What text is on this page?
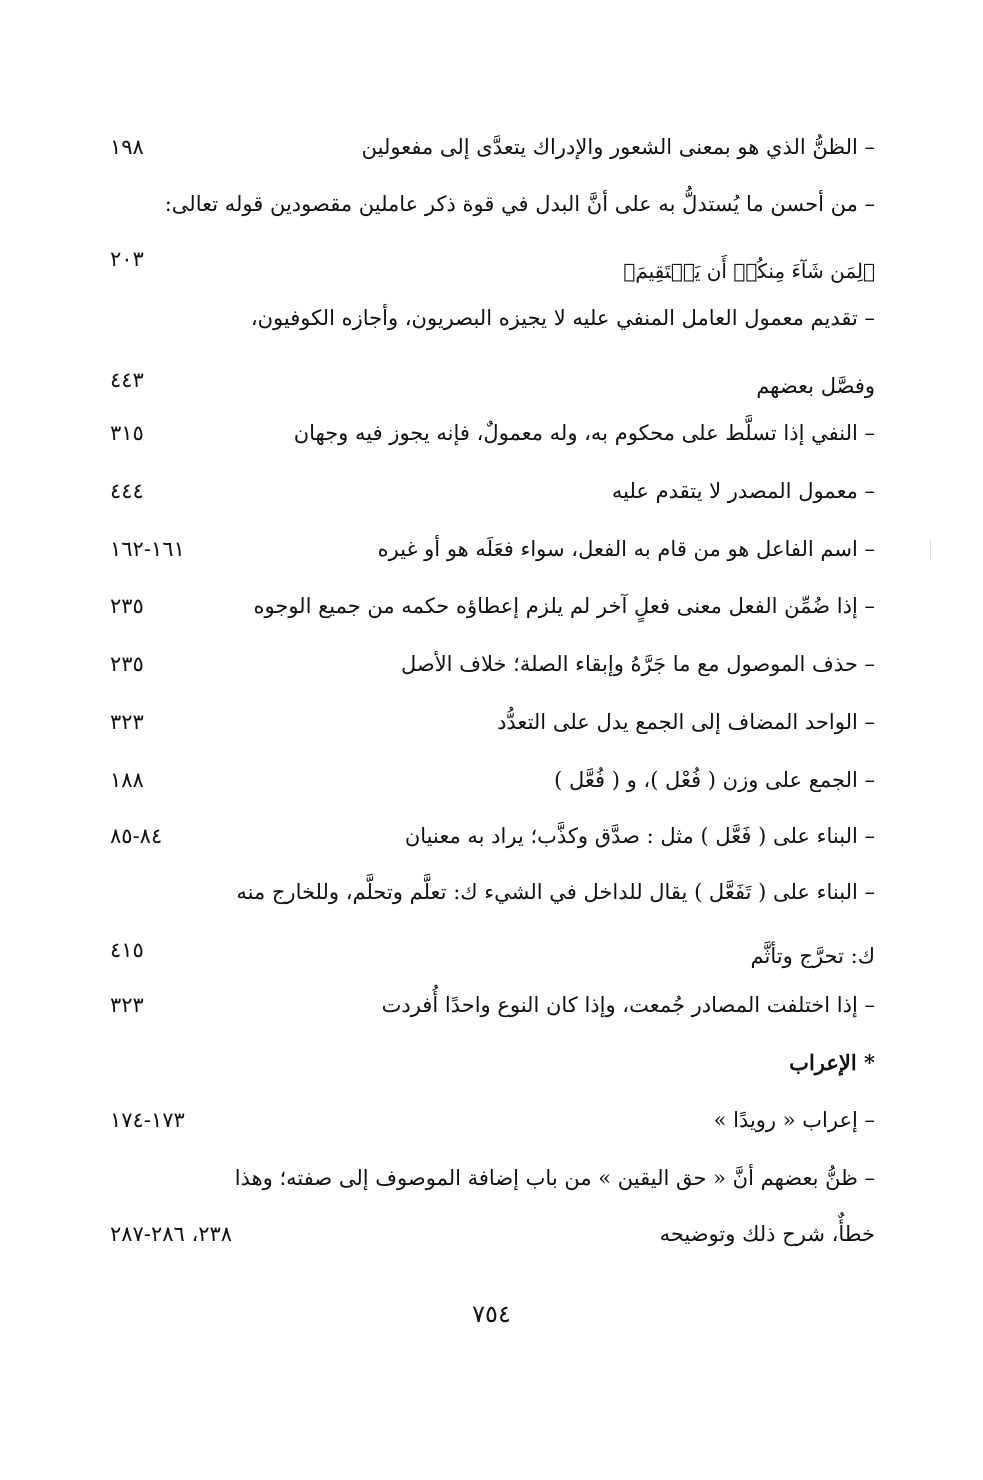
– الظنُّ الذي هو بمعنى الشعور والإدراك يتعدَّى إلى مفعولين
١٩٨
– من أحسن ما يُستدلُّ به على أنَّ البدل في قوة ذكر عاملين مقصودين قوله تعالى:
﴿لِمَن شَآءَ مِنكُمۡ أَن يَسۡتَقِيمَ﴾
٢٠٣
– تقديم معمول العامل المنفي عليه لا يجيزه البصريون، وأجازه الكوفيون،
وفصَّل بعضهم
٤٤٣
– النفي إذا تسلَّط على محكوم به، وله معمولٌ، فإنه يجوز فيه وجهان
٣١٥
– معمول المصدر لا يتقدم عليه
٤٤٤
– اسم الفاعل هو من قام به الفعل، سواء فعَلَه هو أو غيره
١٦١-١٦٢
– إذا ضُمِّن الفعل معنى فعلٍ آخر لم يلزم إعطاؤه حكمه من جميع الوجوه
٢٣٥
– حذف الموصول مع ما جَرَّهُ وإبقاء الصلة؛ خلاف الأصل
٢٣٥
– الواحد المضاف إلى الجمع يدل على التعدُّد
٣٢٣
– الجمع على وزن ( فُعْل )، و ( فُعَّل )
١٨٨
– البناء على ( فَعَّل ) مثل : صدَّق وكذَّب؛ يراد به معنيان
٨٤-٨٥
– البناء على ( تَفَعَّل ) يقال للداخل في الشيء ك: تعلَّم وتحلَّم، وللخارج منه
ك: تحرَّج وتأثَّم
٤١٥
– إذا اختلفت المصادر جُمعت، وإذا كان النوع واحدًا أُفردت
٣٢٣
* الإعراب
– إعراب « رويدًا »
١٧٣-١٧٤
– ظنُّ بعضهم أنَّ « حق اليقين » من باب إضافة الموصوف إلى صفته؛ وهذا
خطأٌ، شرح ذلك وتوضيحه
٢٣٨، ٢٨٦-٢٨٧
٧٥٤
